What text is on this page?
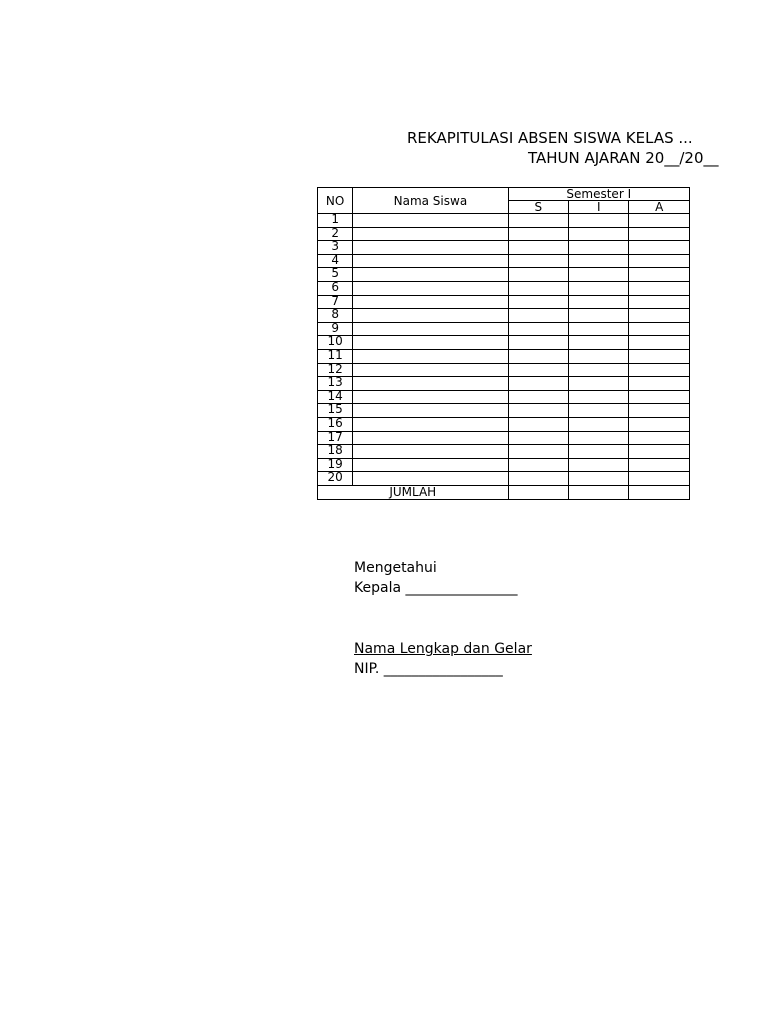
REKAPITULASI ABSEN SISWA KELAS ...
TAHUN AJARAN 20__/20__
NO	Nama Siswa	Semester I		
		S	I	A
1				
2				
3				
4				
5				
6				
7				
8				
9				
10				
11				
12				
13				
14				
15				
16				
17				
18				
19				
20				
JUMLAH				
Mengetahui
Kepala ________________
Nama Lengkap dan Gelar
NIP. _________________
